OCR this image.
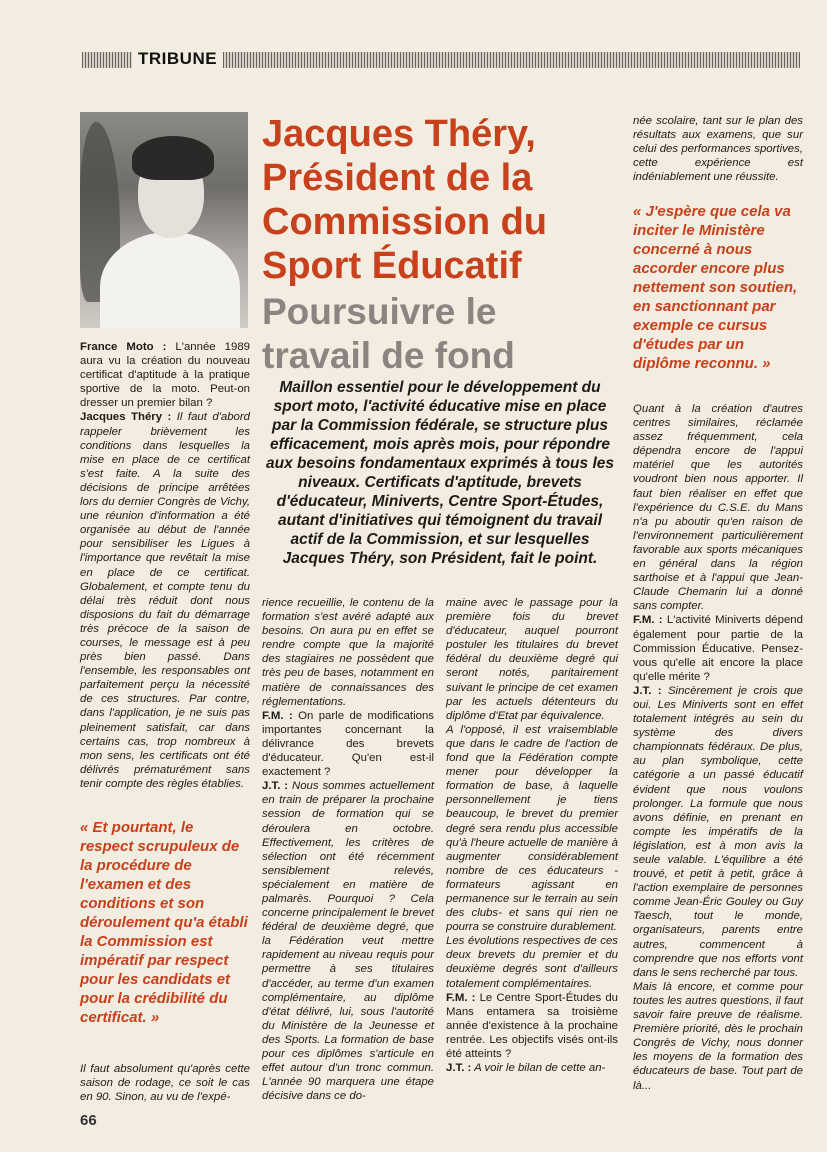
TRIBUNE
Jacques Théry, Président de la Commission du Sport Éducatif
Poursuivre le travail de fond

Maillon essentiel pour le développement du sport moto, l'activité éducative mise en place par la Commission fédérale, se structure plus efficacement, mois après mois, pour répondre aux besoins fondamentaux exprimés à tous les niveaux. Certificats d'aptitude, brevets d'éducateur, Miniverts, Centre Sport-Études, autant d'initiatives qui témoignent du travail actif de la Commission, et sur lesquelles Jacques Théry, son Président, fait le point.

France Moto : L'année 1989 aura vu la création du nouveau certificat d'aptitude à la pratique sportive de la moto. Peut-on dresser un premier bilan ?

Jacques Théry : Il faut d'abord rappeler brièvement les conditions dans lesquelles la mise en place de ce certificat s'est faite. A la suite des décisions de principe arrêtées lors du dernier Congrès de Vichy, une réunion d'information a été organisée au début de l'année pour sensibiliser les Ligues à l'importance que revêtait la mise en place de ce certificat. Globalement, et compte tenu du délai très réduit dont nous disposions du fait du démarrage très précoce de la saison de courses, le message est à peu près bien passé. Dans l'ensemble, les responsables ont parfaitement perçu la nécessité de ces structures. Par contre, dans l'application, je ne suis pas pleinement satisfait, car dans certains cas, trop nombreux à mon sens, les certificats ont été délivrés prématurément sans tenir compte des règles établies.

« Et pourtant, le respect scrupuleux de la procédure de l'examen et des conditions et son déroulement qu'a établi la Commission est impératif par respect pour les candidats et pour la crédibilité du certificat. »

Il faut absolument qu'après cette saison de rodage, ce soit le cas en 90. Sinon, au vu de l'expé-

rience recueillie, le contenu de la formation s'est avéré adapté aux besoins. On aura pu en effet se rendre compte que la majorité des stagiaires ne possèdent que très peu de bases, notamment en matière de connaissances des réglementations.

F.M. : On parle de modifications importantes concernant la délivrance des brevets d'éducateur. Qu'en est-il exactement ?

J.T. : Nous sommes actuellement en train de préparer la prochaine session de formation qui se déroulera en octobre. Effectivement, les critères de sélection ont été récemment sensiblement relevés, spécialement en matière de palmarès. Pourquoi ? Cela concerne principalement le brevet fédéral de deuxième degré, que la Fédération veut mettre rapidement au niveau requis pour permettre à ses titulaires d'accéder, au terme d'un examen complémentaire, au diplôme d'état délivré, lui, sous l'autorité du Ministère de la Jeunesse et des Sports. La formation de base pour ces diplômes s'articule en effet autour d'un tronc commun. L'année 90 marquera une étape décisive dans ce do-

maine avec le passage pour la première fois du brevet d'éducateur, auquel pourront postuler les titulaires du brevet fédéral du deuxième degré qui seront notés, paritairement suivant le principe de cet examen par les actuels détenteurs du diplôme d'Etat par équivalence.

A l'opposé, il est vraisemblable que dans le cadre de l'action de fond que la Fédération compte mener pour développer la formation de base, à laquelle personnellement je tiens beaucoup, le brevet du premier degré sera rendu plus accessible qu'à l'heure actuelle de manière à augmenter considérablement nombre de ces éducateurs -formateurs agissant en permanence sur le terrain au sein des clubs- et sans qui rien ne pourra se construire durablement.

Les évolutions respectives de ces deux brevets du premier et du deuxième degrés sont d'ailleurs totalement complémentaires.

F.M. : Le Centre Sport-Études du Mans entamera sa troisième année d'existence à la prochaine rentrée. Les objectifs visés ont-ils été atteints ?

J.T. : A voir le bilan de cette an-

née scolaire, tant sur le plan des résultats aux examens, que sur celui des performances sportives, cette expérience est indéniablement une réussite.

« J'espère que cela va inciter le Ministère concerné à nous accorder encore plus nettement son soutien, en sanctionnant par exemple ce cursus d'études par un diplôme reconnu. »

Quant à la création d'autres centres similaires, réclamée assez fréquemment, cela dépendra encore de l'appui matériel que les autorités voudront bien nous apporter. Il faut bien réaliser en effet que l'expérience du C.S.E. du Mans n'a pu aboutir qu'en raison de l'environnement particulièrement favorable aux sports mécaniques en général dans la région sarthoise et à l'appui que Jean-Claude Chemarin lui a donné sans compter.

F.M. : L'activité Miniverts dépend également pour partie de la Commission Éducative. Pensez-vous qu'elle ait encore la place qu'elle mérite ?

J.T. : Sincèrement je crois que oui. Les Miniverts sont en effet totalement intégrés au sein du système des divers championnats fédéraux. De plus, au plan symbolique, cette catégorie a un passé éducatif évident que nous voulons prolonger. La formule que nous avons définie, en prenant en compte les impératifs de la législation, est à mon avis la seule valable. L'équilibre a été trouvé, et petit à petit, grâce à l'action exemplaire de personnes comme Jean-Éric Gouley ou Guy Taesch, tout le monde, organisateurs, parents entre autres, commencent à comprendre que nos efforts vont dans le sens recherché par tous.

Mais là encore, et comme pour toutes les autres questions, il faut savoir faire preuve de réalisme. Première priorité, dès le prochain Congrès de Vichy, nous donner les moyens de la formation des éducateurs de base. Tout part de là...

66
